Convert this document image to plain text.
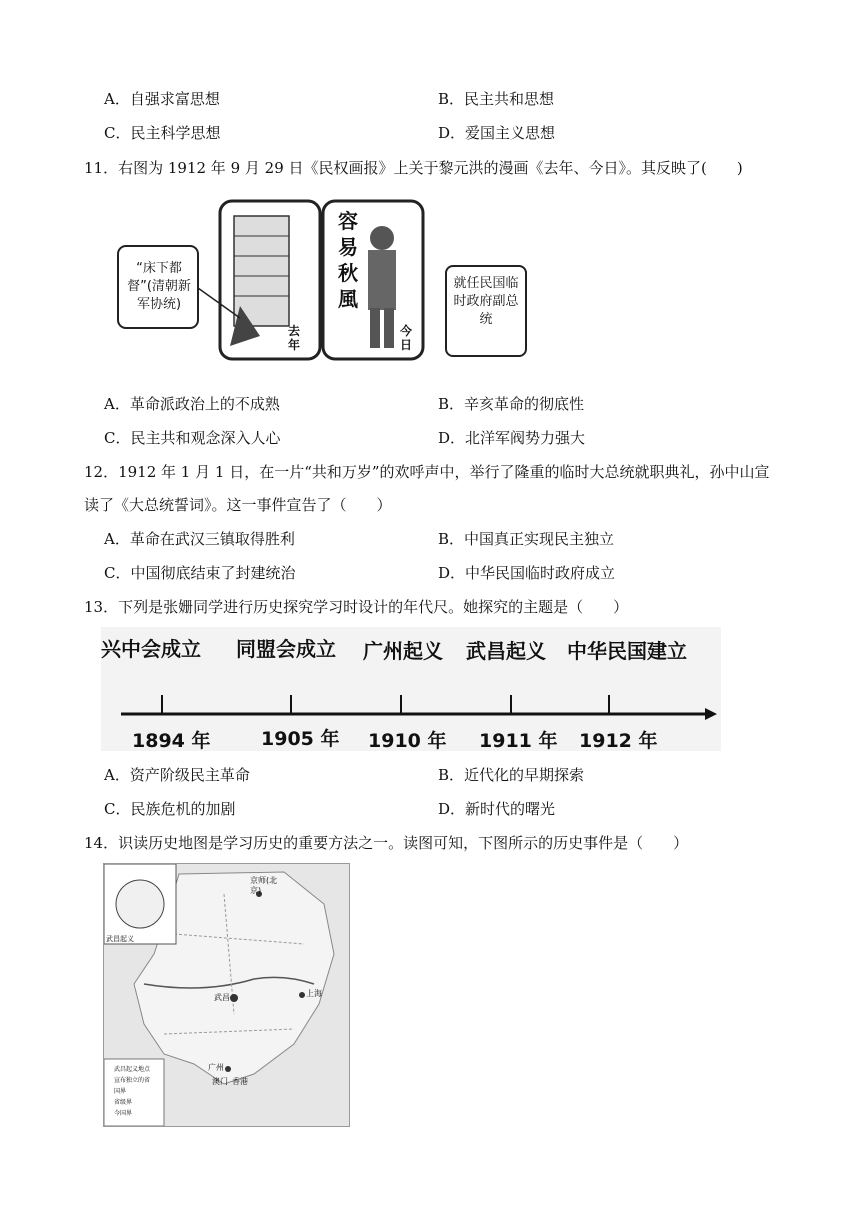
A．自强求富思想	B．民主共和思想
C．民主科学思想	D．爱国主义思想
11．右图为 1912 年 9 月 29 日《民权画报》上关于黎元洪的漫画《去年、今日》。其反映了(　　)
“床下都督”(清朝新军协统)
容易秋風
去年
今日
就任民国临时政府副总统
A．革命派政治上的不成熟	B．辛亥革命的彻底性
C．民主共和观念深入人心	D．北洋军阀势力强大
12．1912 年 1 月 1 日，在一片“共和万岁”的欢呼声中，举行了隆重的临时大总统就职典礼，孙中山宣
读了《大总统誓词》。这一事件宣告了（　　）
A．革命在武汉三镇取得胜利	B．中国真正实现民主独立
C．中国彻底结束了封建统治	D．中华民国临时政府成立
13．下列是张姗同学进行历史探究学习时设计的年代尺。她探究的主题是（　　）
兴中会成立 同盟会成立 广州起义 武昌起义 中华民国建立
1894 年	1905 年 1910 年 1911 年 1912 年
A．资产阶级民主革命	B．近代化的早期探索
C．民族危机的加剧	D．新时代的曙光
14．识读历史地图是学习历史的重要方法之一。读图可知，下图所示的历史事件是（　　）
武昌起义
京师(北京)
武昌	上海
广州
澳门 香港
武昌起义地点
宣布独立的省
国界
省级界
今国界
